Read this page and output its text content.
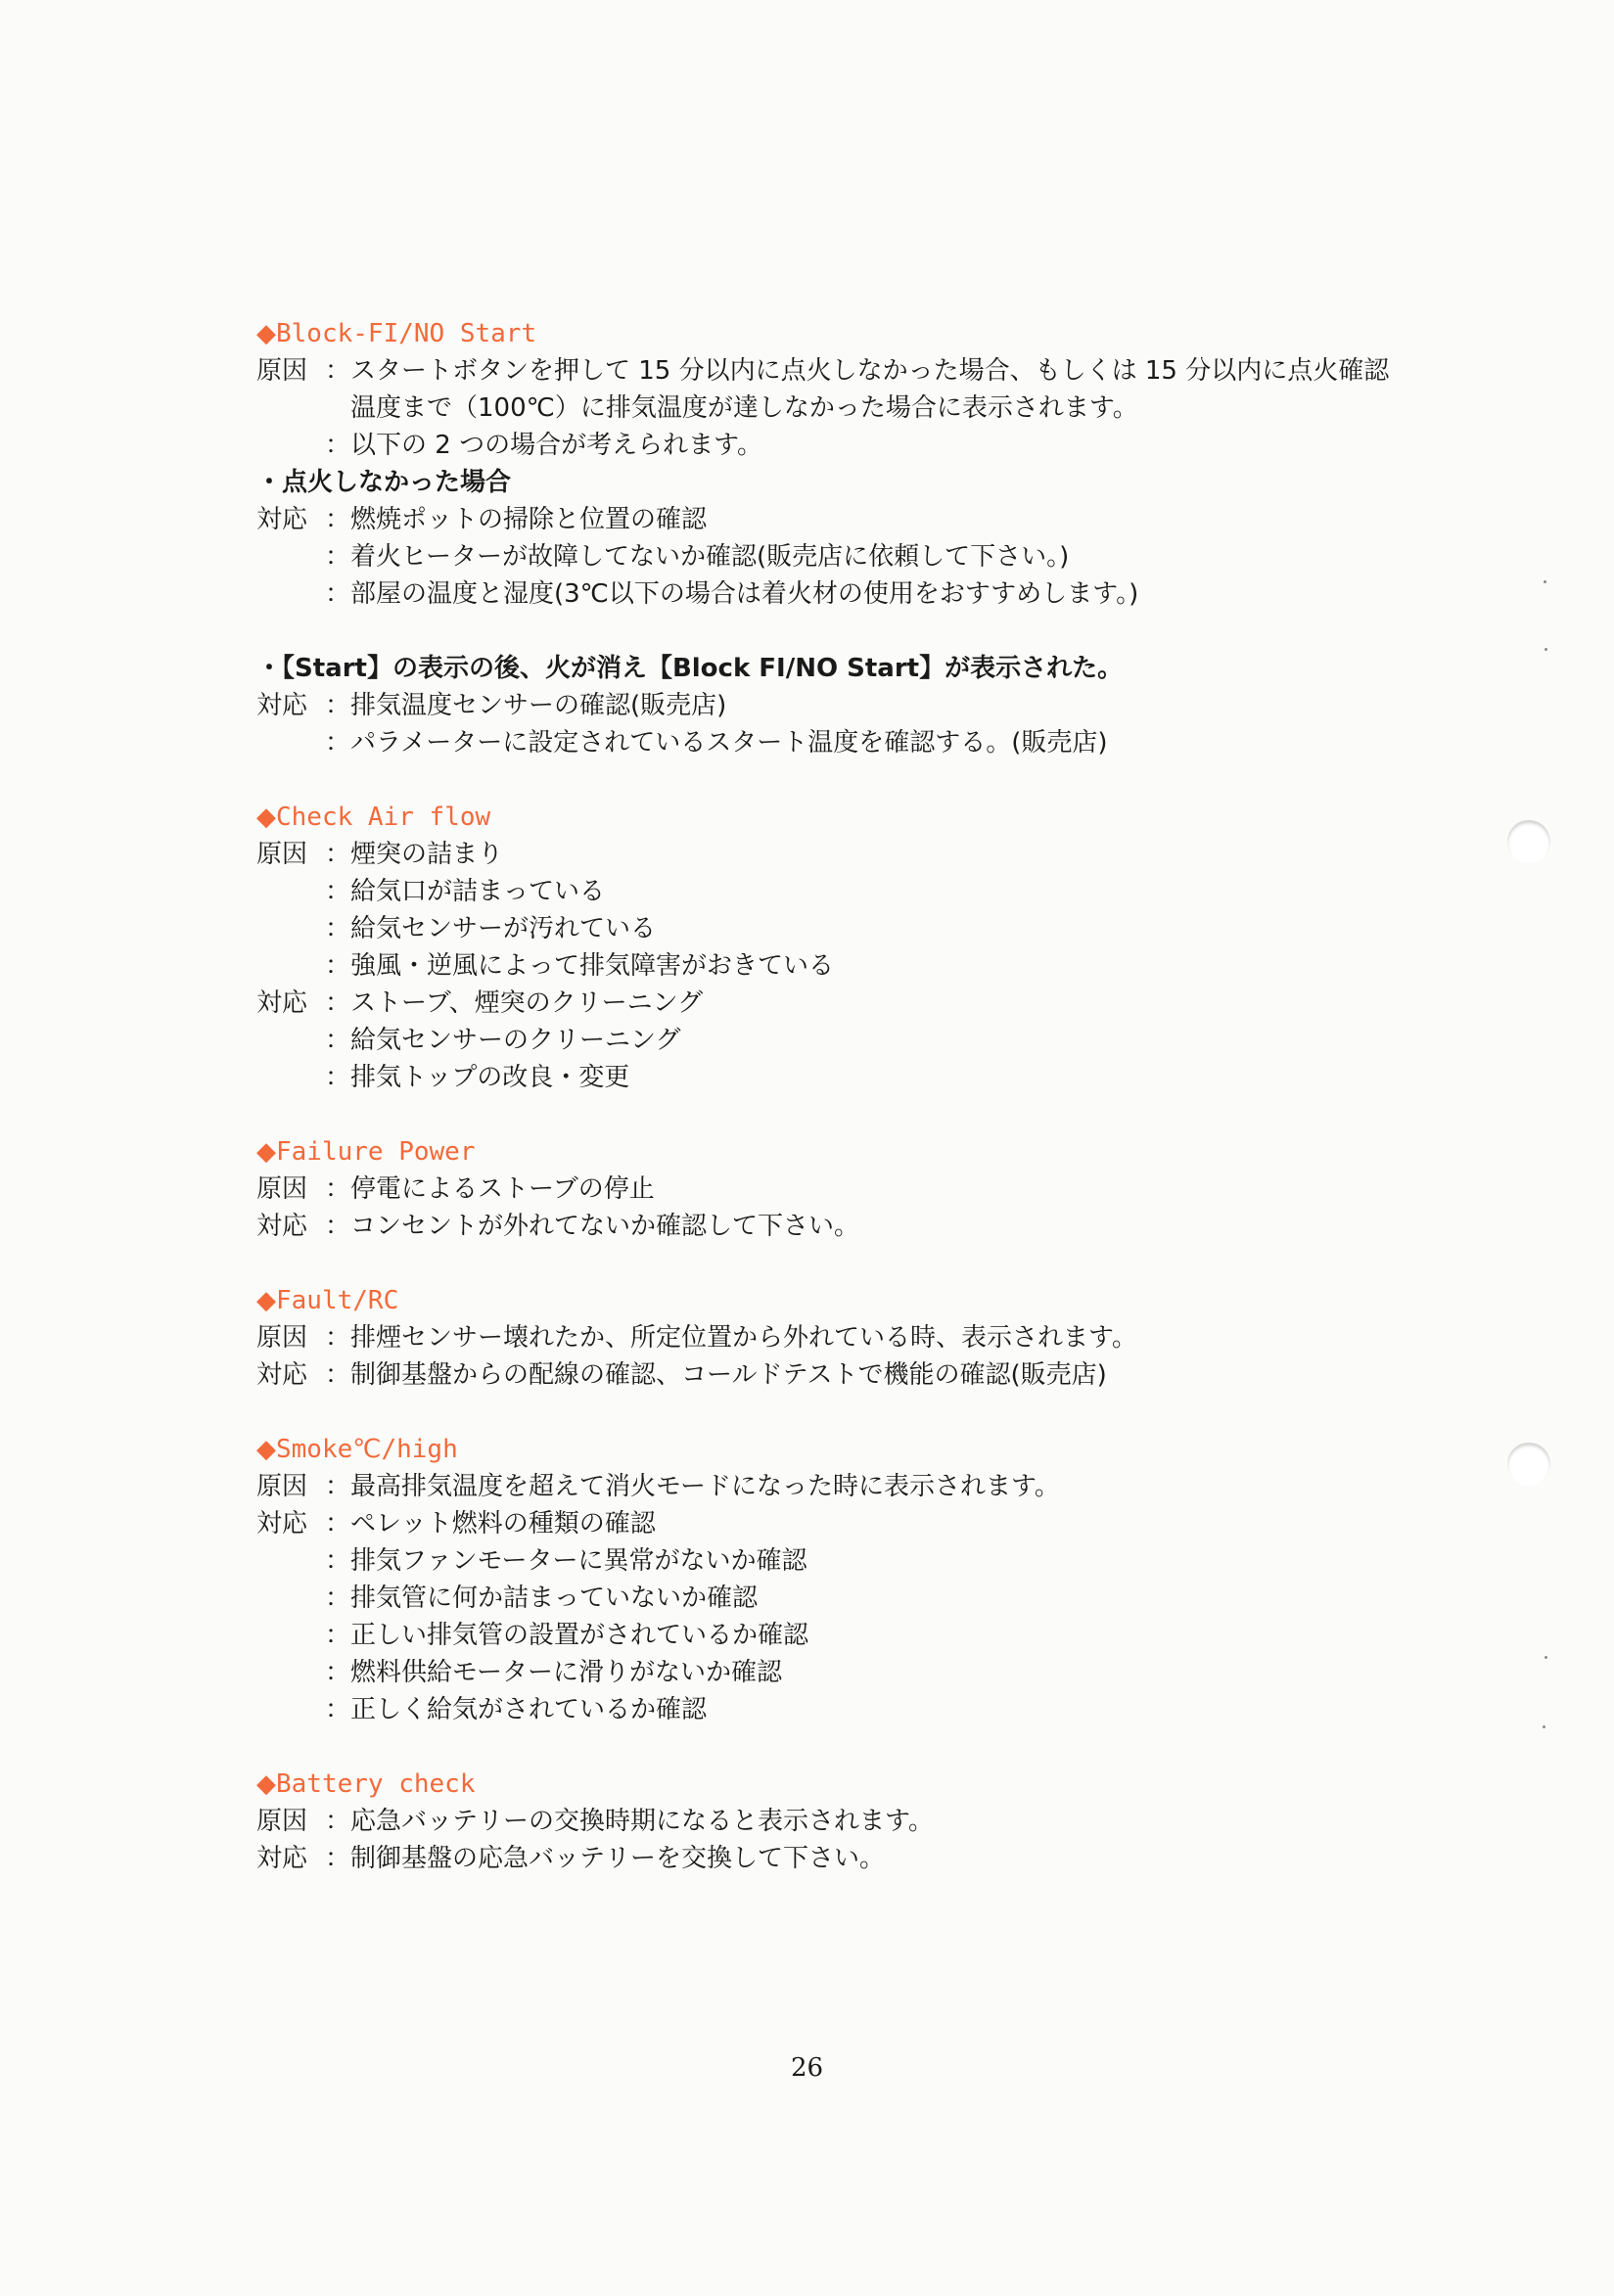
◆Block-FI/NO Start
原因 ： スタートボタンを押して 15 分以内に点火しなかった場合、もしくは 15 分以内に点火確認温度まで（100℃）に排気温度が達しなかった場合に表示されます。
： 以下の 2 つの場合が考えられます。
・点火しなかった場合
対応 ： 燃焼ポットの掃除と位置の確認
： 着火ヒーターが故障してないか確認(販売店に依頼して下さい。)
： 部屋の温度と湿度(3℃以下の場合は着火材の使用をおすすめします。)
・【Start】の表示の後、火が消え【Block FI/NO Start】が表示された。
対応 ： 排気温度センサーの確認(販売店)
： パラメーターに設定されているスタート温度を確認する。(販売店)
◆Check Air flow
原因 ： 煙突の詰まり
： 給気口が詰まっている
： 給気センサーが汚れている
： 強風・逆風によって排気障害がおきている
対応 ： ストーブ、煙突のクリーニング
： 給気センサーのクリーニング
： 排気トップの改良・変更
◆Failure Power
原因 ： 停電によるストーブの停止
対応 ： コンセントが外れてないか確認して下さい。
◆Fault/RC
原因 ： 排煙センサー壊れたか、所定位置から外れている時、表示されます。
対応 ： 制御基盤からの配線の確認、コールドテストで機能の確認(販売店)
◆Smoke℃/high
原因 ： 最高排気温度を超えて消火モードになった時に表示されます。
対応 ： ペレット燃料の種類の確認
： 排気ファンモーターに異常がないか確認
： 排気管に何か詰まっていないか確認
： 正しい排気管の設置がされているか確認
： 燃料供給モーターに滑りがないか確認
： 正しく給気がされているか確認
◆Battery check
原因 ： 応急バッテリーの交換時期になると表示されます。
対応 ： 制御基盤の応急バッテリーを交換して下さい。
26
